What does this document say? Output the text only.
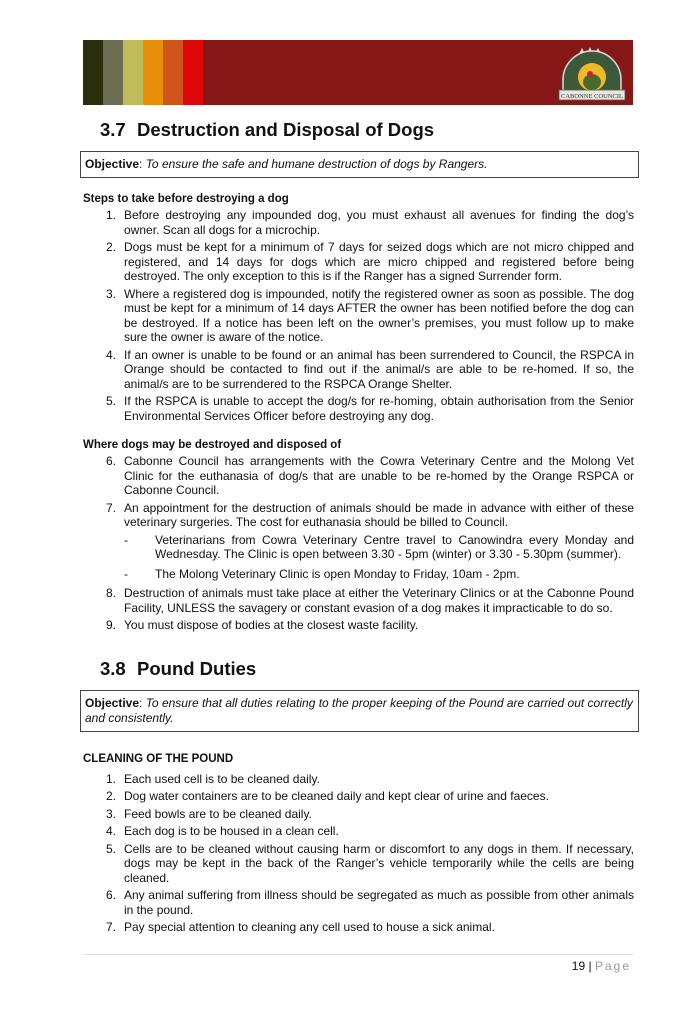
CABONNE COUNCIL
3.7 Destruction and Disposal of Dogs
Objective: To ensure the safe and humane destruction of dogs by Rangers.
Steps to take before destroying a dog
1. Before destroying any impounded dog, you must exhaust all avenues for finding the dog’s owner. Scan all dogs for a microchip.
2. Dogs must be kept for a minimum of 7 days for seized dogs which are not micro chipped and registered, and 14 days for dogs which are micro chipped and registered before being destroyed. The only exception to this is if the Ranger has a signed Surrender form.
3. Where a registered dog is impounded, notify the registered owner as soon as possible. The dog must be kept for a minimum of 14 days AFTER the owner has been notified before the dog can be destroyed. If a notice has been left on the owner’s premises, you must follow up to make sure the owner is aware of the notice.
4. If an owner is unable to be found or an animal has been surrendered to Council, the RSPCA in Orange should be contacted to find out if the animal/s are able to be re-homed. If so, the animal/s are to be surrendered to the RSPCA Orange Shelter.
5. If the RSPCA is unable to accept the dog/s for re-homing, obtain authorisation from the Senior Environmental Services Officer before destroying any dog.
Where dogs may be destroyed and disposed of
6. Cabonne Council has arrangements with the Cowra Veterinary Centre and the Molong Vet Clinic for the euthanasia of dog/s that are unable to be re-homed by the Orange RSPCA or Cabonne Council.
7. An appointment for the destruction of animals should be made in advance with either of these veterinary surgeries. The cost for euthanasia should be billed to Council.
- Veterinarians from Cowra Veterinary Centre travel to Canowindra every Monday and Wednesday. The Clinic is open between 3.30 - 5pm (winter) or 3.30 - 5.30pm (summer).
- The Molong Veterinary Clinic is open Monday to Friday, 10am - 2pm.
8. Destruction of animals must take place at either the Veterinary Clinics or at the Cabonne Pound Facility, UNLESS the savagery or constant evasion of a dog makes it impracticable to do so.
9. You must dispose of bodies at the closest waste facility.
3.8 Pound Duties
Objective: To ensure that all duties relating to the proper keeping of the Pound are carried out correctly and consistently.
CLEANING OF THE POUND
1. Each used cell is to be cleaned daily.
2. Dog water containers are to be cleaned daily and kept clear of urine and faeces.
3. Feed bowls are to be cleaned daily.
4. Each dog is to be housed in a clean cell.
5. Cells are to be cleaned without causing harm or discomfort to any dogs in them. If necessary, dogs may be kept in the back of the Ranger’s vehicle temporarily while the cells are being cleaned.
6. Any animal suffering from illness should be segregated as much as possible from other animals in the pound.
7. Pay special attention to cleaning any cell used to house a sick animal.
19 | Page
